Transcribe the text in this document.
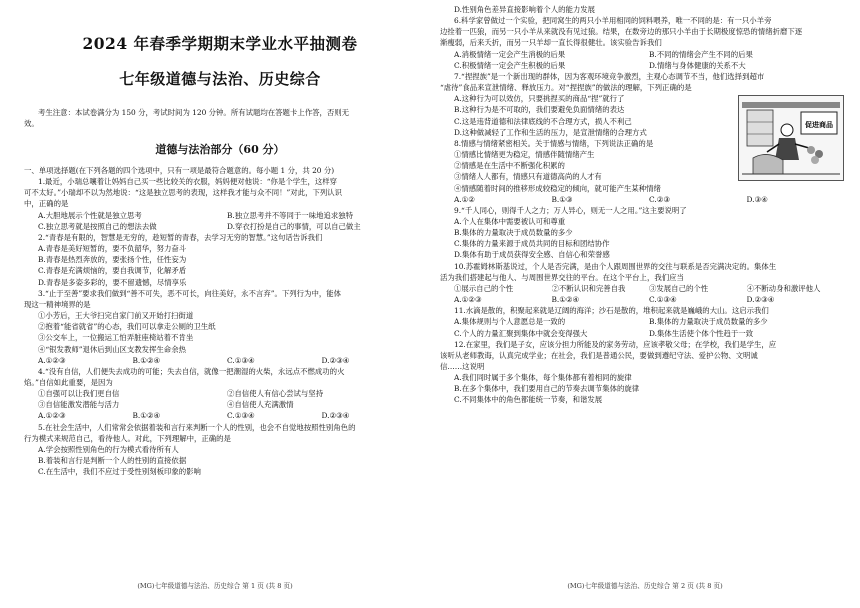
2024 年春季学期期末学业水平抽测卷
七年级道德与法治、历史综合
考生注意：本试卷满分为 150 分，考试时间为 120 分钟。所有试题均在答题卡上作答，否则无
效。
道德与法治部分（60 分）
一、单项选择题(在下列各题的四个选项中，只有一项是最符合题意的。每小题 1 分，共 20 分)
1.最近，小瑞总嚷着让妈妈自己买一些比较关的衣服，妈妈便对他说：“你是个学生，这样穿
可不太好。”小瑞却不以为然地说：“这是独立思考的表现，这样我才能与众不同！”对此，下列认识
中，正确的是
A.大胆地展示个性就是独立思考	B.独立思考并不等同于一味地追求独特
C.独立思考就是按照自己的想法去做	D.穿衣打扮是自己的事情，可以自己做主
2.“青春是有限的，智慧是无穷的，趁短暂的青春，去学习无穷的智慧。”这句话告诉我们
A.青春是美好短暂的，要不负韶华，努力奋斗
B.青春是热烈奔放的，要张扬个性，任性妄为
C.青春是充满烦恼的，要自我调节，化解矛盾
D.青春是多姿多彩的，要不留遗憾，尽情享乐
3.“止于至善”要求我们做到“善不可失，恶不可长，向往美好，永不言弃”。下列行为中，能体
现这一精神境界的是
①小芳后，王大爷扫完自家门前又开始打扫街道
②抱着“能省就省”的心态，我们可以拿走公厕的卫生纸
③公交车上，一位搬运工怕弄脏座椅站着不肯坐
④“银发教师”退休后到山区支教发挥生命余热
A.①②③	B.①②④	C.①③④	D.②③④
4.“没有自信，人们便失去成功的可能；失去自信，就像一把潮湿的火柴，永远点不燃成功的火
焰。”自信如此重要，是因为
①自强可以让我们更自信	②自信使人有信心尝试与坚持
③自信能激发潜能与活力	④自信使人充满激情
A.①②③	B.①②④	C.①③④	D.②③④
5.在社会生活中，人们常常会依据着装和言行来判断一个人的性别，也会不自觉地按照性别角色的
行为模式来规范自己，看待他人。对此，下列理解中，正确的是
A.学会按照性别角色的行为模式看待所有人
B.着装和言行是判断一个人的性别的直接依据
C.在生活中，我们不应过于受性别刻板印象的影响
(MG)七年级道德与法治、历史综合 第 1 页 (共 8 页)
D.性别角色差异直接影响着个人的能力发展
6.科学家曾做过一个实验，把同窝生的两只小羊用相同的饲料喂养，唯一不同的是：有一只小羊旁
边拴着一匹狼，而另一只小羊从来就没有见过狼。结果，在数旁边的那只小羊由于长期极度惊恐的情绪折磨下逐
渐瘦弱，后来夭折，而另一只羊却一直长得很健壮。该实验告诉我们
A.消极情绪一定会产生消极的后果	B.不同的情绪会产生不同的后果
C.积极情绪一定会产生积极的后果	D.情绪与身体健康的关系不大
7.“捏捏族”是一个新出现的群体，因为客观环境竞争激烈，主观心态调节不当，他们选择到超市
“虐待”食品来宣泄情绪、释放压力。对“捏捏族”的做法的理解，下列正确的是
A.这种行为可以效仿，只要挑捏买的商品“捏”就行了
B.这种行为是不可取的，我们要避免负面情绪的表达
C.这是违背道德和法律底线的不合理方式，损人不利己
D.这种做减轻了工作和生活的压力，是宣泄情绪的合理方式
8.情感与情绪紧密相关。关于情感与情绪，下列说法正确的是
①情感比情绪更为稳定，情感伴随情绪产生
②情感是在生活中不断强化积累的
促进商品
③情绪人人都有，情感只有道德高尚的人才有
④情感随着时间的推移形成较稳定的倾向，就可能产生某种情绪
A.①②	B.①③	C.②③	D.③④
9.“千人同心，则得千人之力；万人异心，则无一人之用。”这主要说明了
A.个人在集体中需要被认可和尊重
B.集体的力量取决于成员数量的多少
C.集体的力量来源于成员共同的目标和团结协作
D.集体有助于成员获得安全感、自信心和荣誉感
10.苏霍姆林斯基说过，个人是否完满，是由个人跟周围世界的交往与联系是否完满决定的。集体生
活为我们搭建起与他人、与周围世界交往的平台。在这个平台上，我们应当
①展示自己的个性	②不断认识和完善自我	③发展自己的个性	④不断动身和激评他人
A.①②③	B.①②④	C.①③④	D.②③④
11.水滴是散的，积聚起来就是辽阔的海洋；沙石是散的，堆积起来就是巍峨的大山。这启示我们
A.集体规则与个人意愿总是一致的	B.集体的力量取决于成员数量的多少
C.个人的力量汇聚到集体中就会变得强大	D.集体生活使个体个性趋于一致
12.在家里，我们是子女，应该分担力所能及的家务劳动，应该孝敬父母；在学校，我们是学生，应
该听从老师教诲，认真完成学业；在社会，我们是普通公民，要做到遵纪守法、爱护公物、文明诚
信……这说明
A.我们同时属于多个集体，每个集体都有着相同的旋律
B.在多个集体中，我们要用自己的节奏去调节集体的旋律
C.不同集体中的角色都能统一节奏，和谐发展
(MG)七年级道德与法治、历史综合 第 2 页 (共 8 页)
